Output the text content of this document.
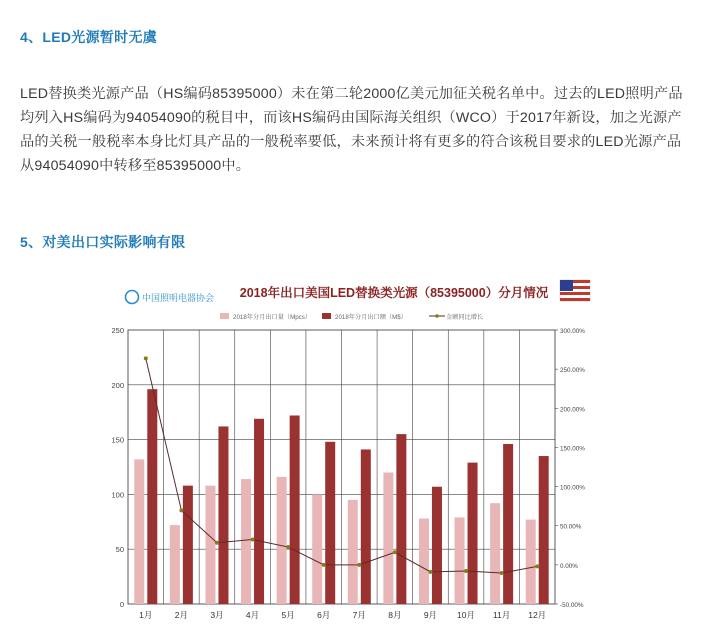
4、LED光源暂时无虞
LED替换类光源产品（HS编码85395000）未在第二轮2000亿美元加征关税名单中。过去的LED照明产品均列入HS编码为94054090的税目中，而该HS编码由国际海关组织（WCO）于2017年新设，加之光源产品的关税一般税率本身比灯具产品的一般税率要低，未来预计将有更多的符合该税目要求的LED光源产品从94054090中转移至85395000中。
5、对美出口实际影响有限
中国照明电器协会 2018年出口美国LED替换类光源（85395000）分月情况
2018年分月出口量（Mpcs）	2018年分月出口额（M$）	金额同比增长
0
50
100
150
200
250
-50.00%
0.00%
50.00%
100.00%
150.00%
200.00%
250.00%
300.00%
1月	2月	3月	4月	5月	6月	7月	8月	9月 10月 11月 12月
